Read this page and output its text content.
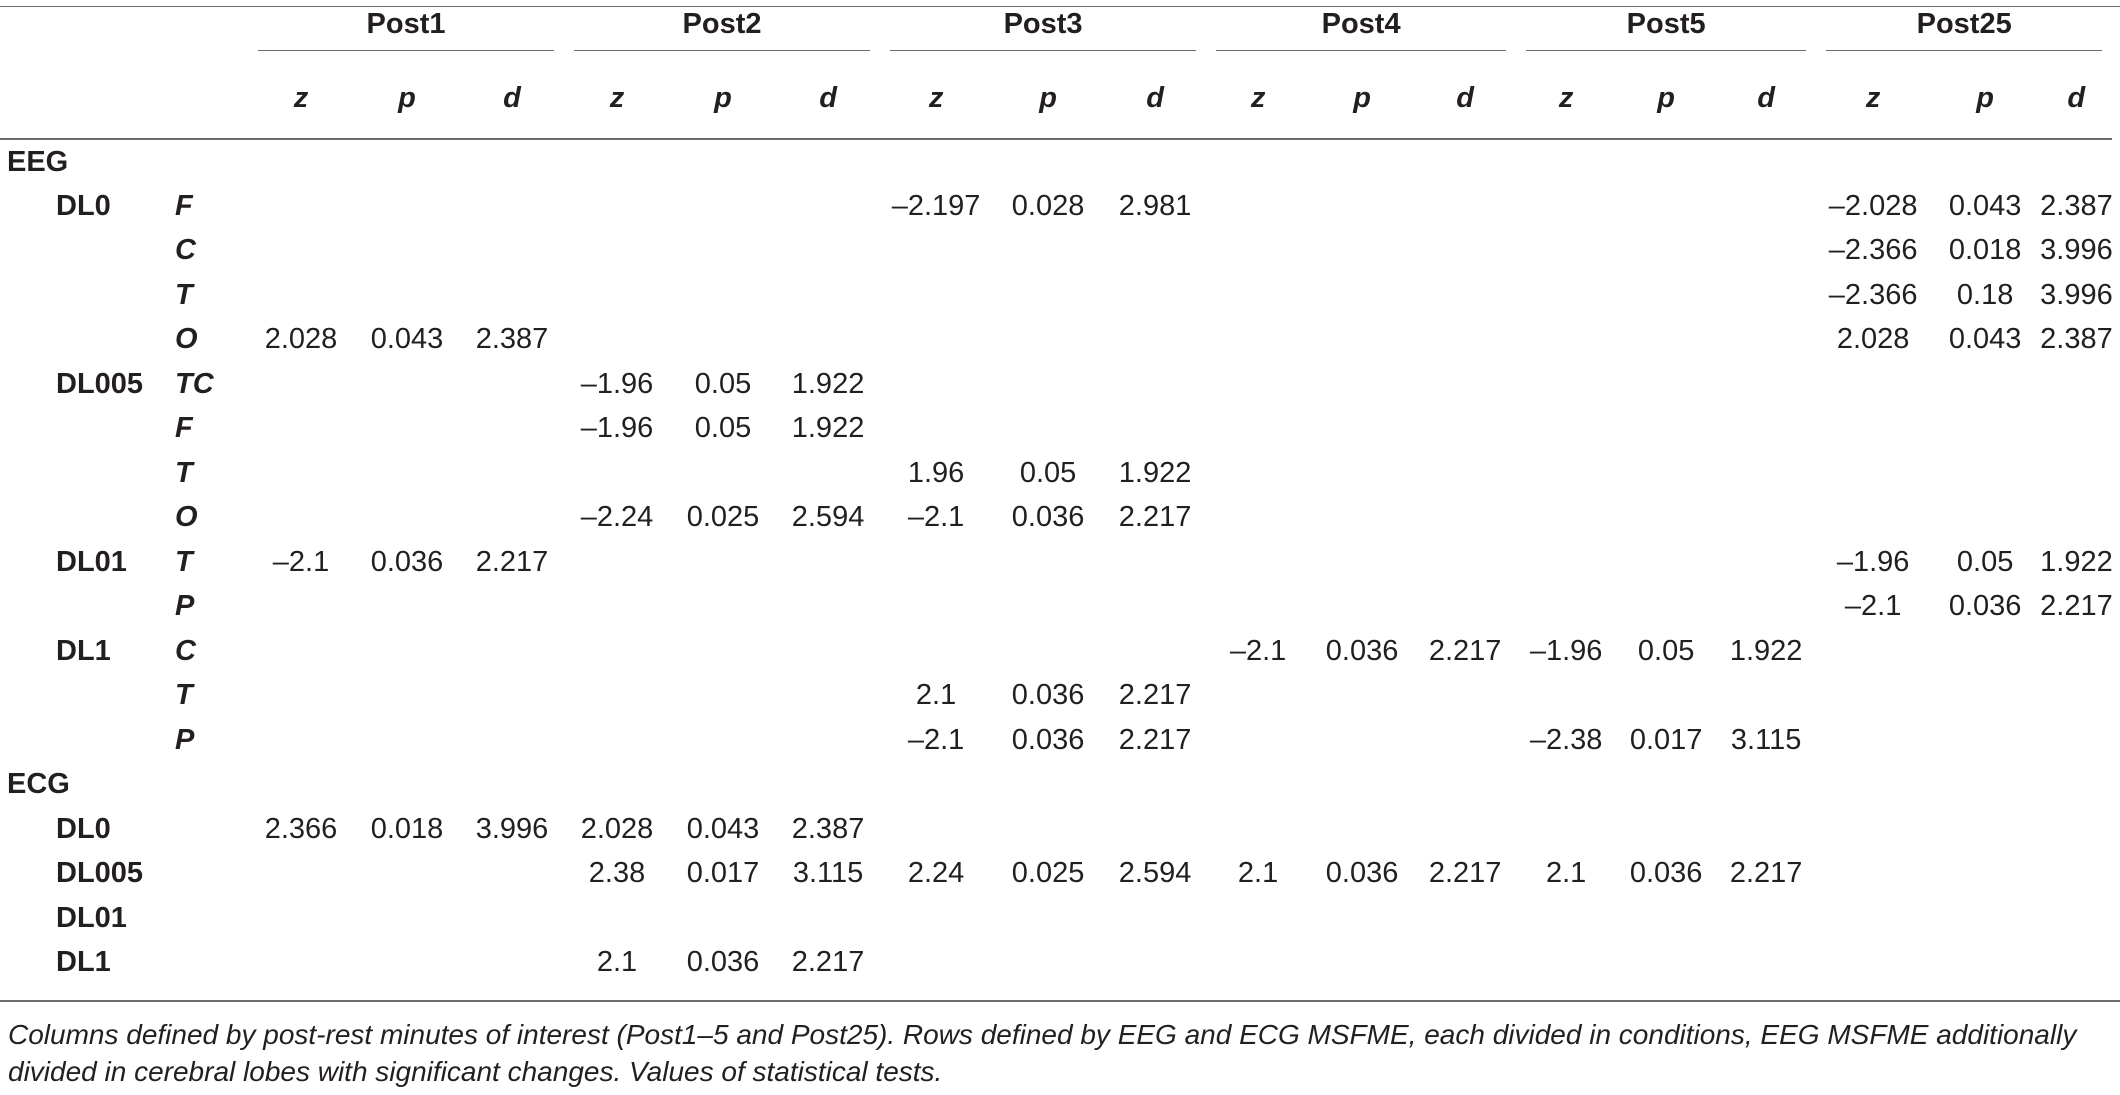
			Post1			Post2			Post3			Post4			Post5			Post25		

			z	p	d	z	p	d	z	p	d	z	p	d	z	p	d	z	p	d
EEG																				
	DL0	F							–2.197	0.028	2.981							–2.028	0.043	2.387
		C																–2.366	0.018	3.996
		T																–2.366	0.18	3.996
		O	2.028	0.043	2.387													2.028	0.043	2.387
	DL005	TC				–1.96	0.05	1.922												
		F				–1.96	0.05	1.922												
		T							1.96	0.05	1.922									
		O				–2.24	0.025	2.594	–2.1	0.036	2.217									
	DL01	T	–2.1	0.036	2.217													–1.96	0.05	1.922
		P																–2.1	0.036	2.217
	DL1	C										–2.1	0.036	2.217	–1.96	0.05	1.922			
		T							2.1	0.036	2.217									
		P							–2.1	0.036	2.217				–2.38	0.017	3.115			
ECG																				
	DL0		2.366	0.018	3.996	2.028	0.043	2.387												
	DL005					2.38	0.017	3.115	2.24	0.025	2.594	2.1	0.036	2.217	2.1	0.036	2.217			
	DL01																			
	DL1					2.1	0.036	2.217												
Columns defined by post-rest minutes of interest (Post1–5 and Post25). Rows defined by EEG and ECG MSFME, each divided in conditions, EEG MSFME additionally divided in cerebral lobes with significant changes. Values of statistical tests.
